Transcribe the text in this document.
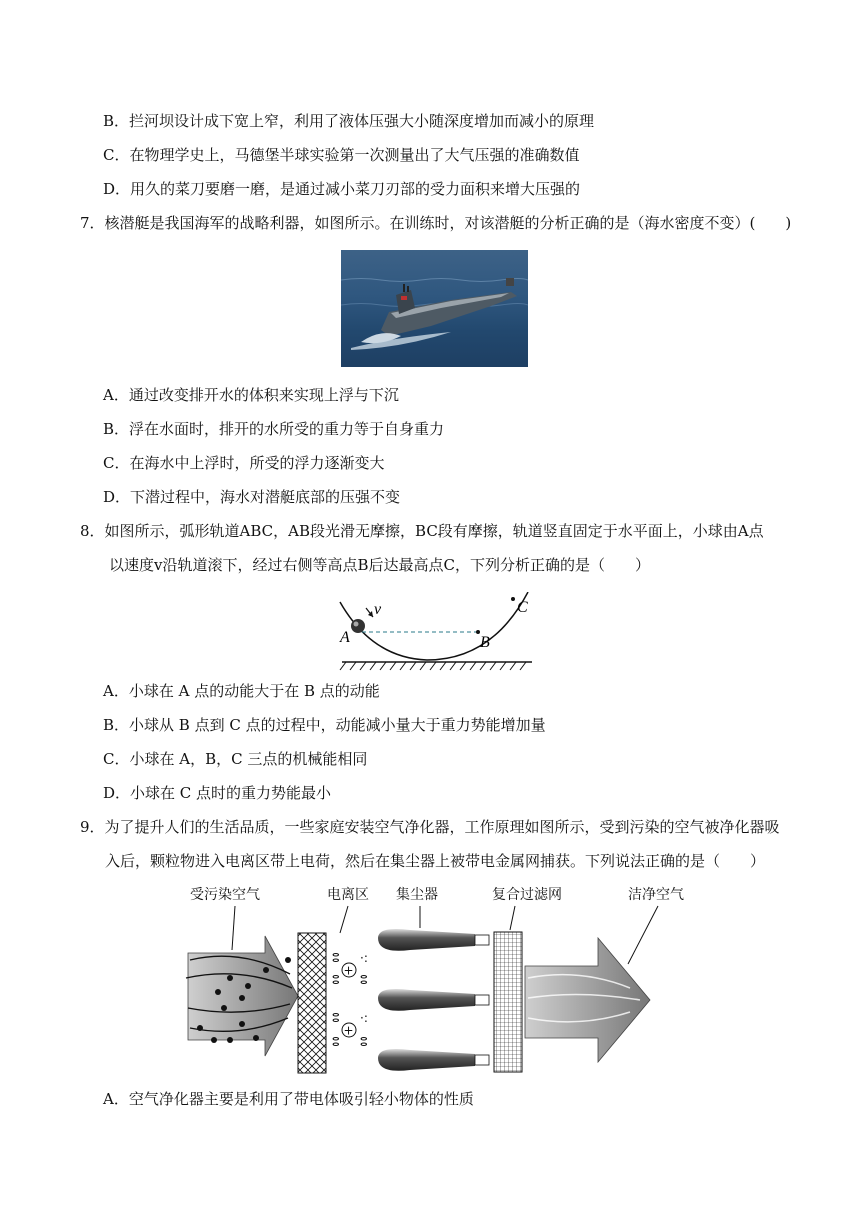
B．拦河坝设计成下宽上窄，利用了液体压强大小随深度增加而减小的原理
C．在物理学史上，马德堡半球实验第一次测量出了大气压强的准确数值
D．用久的菜刀要磨一磨，是通过减小菜刀刃部的受力面积来增大压强的
7．核潜艇是我国海军的战略利器，如图所示。在训练时，对该潜艇的分析正确的是（海水密度不变）(　　)
A．通过改变排开水的体积来实现上浮与下沉
B．浮在水面时，排开的水所受的重力等于自身重力
C．在海水中上浮时，所受的浮力逐渐变大
D．下潜过程中，海水对潜艇底部的压强不变
8．如图所示，弧形轨道ABC，AB段光滑无摩擦，BC段有摩擦，轨道竖直固定于水平面上，小球由A点
以速度v沿轨道滚下，经过右侧等高点B后达最高点C，下列分析正确的是（　　）
v
A	B
C
A．小球在 A 点的动能大于在 B 点的动能
B．小球从 B 点到 C 点的过程中，动能减小量大于重力势能增加量
C．小球在 A，B，C 三点的机械能相同
D．小球在 C 点时的重力势能最小
9．为了提升人们的生活品质，一些家庭安装空气净化器，工作原理如图所示，受到污染的空气被净化器吸
入后，颗粒物进入电离区带上电荷，然后在集尘器上被带电金属网捕获。下列说法正确的是（　　）
受污染空气	电离区 集尘器	复合过滤网	洁净空气
+
+
ⵓ ·:
ⵓ ⵓ
ⵓ ·:
ⵓ ⵓ
A．空气净化器主要是利用了带电体吸引轻小物体的性质
